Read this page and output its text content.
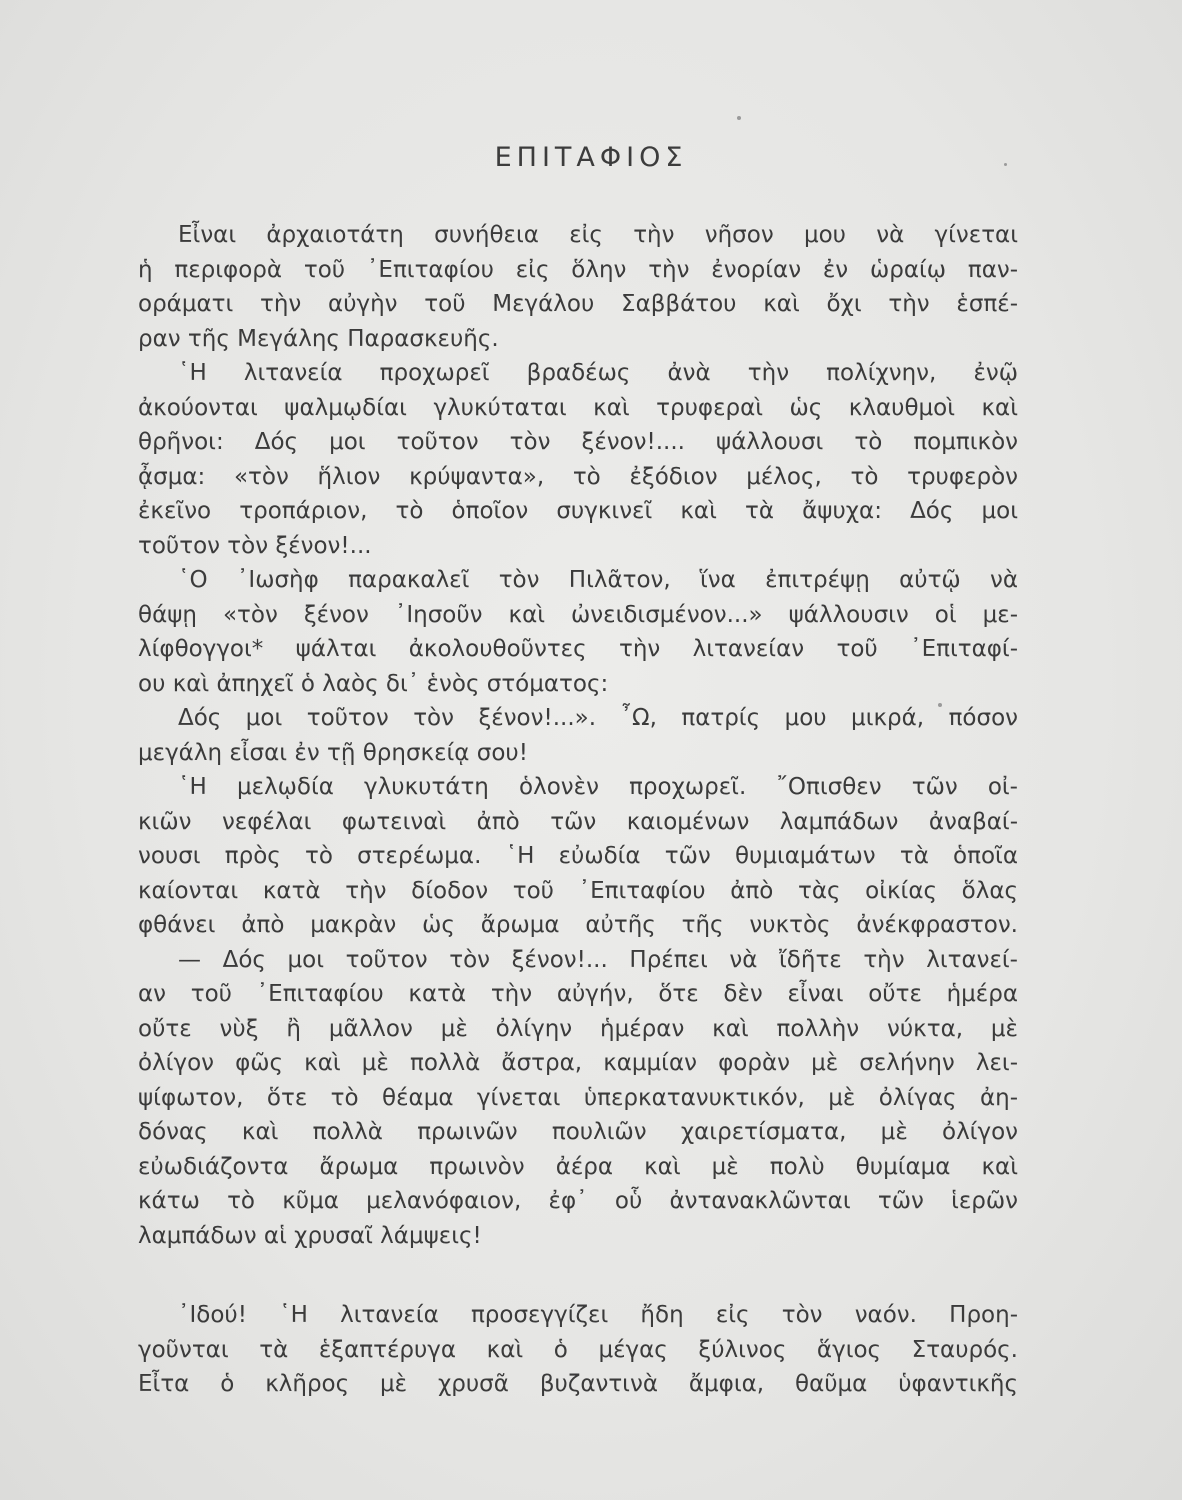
ΕΠΙΤΑΦΙΟΣ
Εἶναι ἀρχαιοτάτη συνήθεια εἰς τὴν νῆσον μου νὰ γίνεται
ἡ περιφορὰ τοῦ ᾽Επιταφίου εἰς ὅλην τὴν ἐνορίαν ἐν ὡραίῳ παν-
οράματι τὴν αὐγὴν τοῦ Μεγάλου Σαββάτου καὶ ὄχι τὴν ἑσπέ-
ραν τῆς Μεγάλης Παρασκευῆς.
῾Η λιτανεία προχωρεῖ βραδέως ἀνὰ τὴν πολίχνην, ἐνῷ
ἀκούονται ψαλμῳδίαι γλυκύταται καὶ τρυφεραὶ ὡς κλαυθμοὶ καὶ
θρῆνοι: Δός μοι τοῦτον τὸν ξένον!.... ψάλλουσι τὸ πομπικὸν
ᾆσμα: «τὸν ἥλιον κρύψαντα», τὸ ἐξόδιον μέλος, τὸ τρυφερὸν
ἐκεῖνο τροπάριον, τὸ ὁποῖον συγκινεῖ καὶ τὰ ἄψυχα: Δός μοι
τοῦτον τὸν ξένον!...
῾Ο ᾽Ιωσὴφ παρακαλεῖ τὸν Πιλᾶτον, ἵνα ἐπιτρέψῃ αὐτῷ νὰ
θάψῃ «τὸν ξένον ᾽Ιησοῦν καὶ ὠνειδισμένον...» ψάλλουσιν οἱ με-
λίφθογγοι* ψάλται ἀκολουθοῦντες τὴν λιτανείαν τοῦ ᾽Επιταφί-
ου καὶ ἀπηχεῖ ὁ λαὸς δι᾽ ἑνὸς στόματος:
Δός μοι τοῦτον τὸν ξένον!...». ῏Ω, πατρίς μου μικρά, πόσον
μεγάλη εἶσαι ἐν τῇ θρησκείᾳ σου!
῾Η μελῳδία γλυκυτάτη ὁλονὲν προχωρεῖ. ῎Οπισθεν τῶν οἰ-
κιῶν νεφέλαι φωτειναὶ ἀπὸ τῶν καιομένων λαμπάδων ἀναβαί-
νουσι πρὸς τὸ στερέωμα. ῾Η εὐωδία τῶν θυμιαμάτων τὰ ὁποῖα
καίονται κατὰ τὴν δίοδον τοῦ ᾽Επιταφίου ἀπὸ τὰς οἰκίας ὅλας
φθάνει ἀπὸ μακρὰν ὡς ἄρωμα αὐτῆς τῆς νυκτὸς ἀνέκφραστον.
— Δός μοι τοῦτον τὸν ξένον!... Πρέπει νὰ ἴδῆτε τὴν λιτανεί-
αν τοῦ ᾽Επιταφίου κατὰ τὴν αὐγήν, ὅτε δὲν εἶναι οὔτε ἡμέρα
οὔτε νὺξ ἢ μᾶλλον μὲ ὀλίγην ἡμέραν καὶ πολλὴν νύκτα, μὲ
ὀλίγον φῶς καὶ μὲ πολλὰ ἄστρα, καμμίαν φορὰν μὲ σελήνην λει-
ψίφωτον, ὅτε τὸ θέαμα γίνεται ὑπερκατανυκτικόν, μὲ ὀλίγας ἀη-
δόνας καὶ πολλὰ πρωινῶν πουλιῶν χαιρετίσματα, μὲ ὀλίγον
εὐωδιάζοντα ἄρωμα πρωινὸν ἀέρα καὶ μὲ πολὺ θυμίαμα καὶ
κάτω τὸ κῦμα μελανόφαιον, ἐφ᾽ οὗ ἀντανακλῶνται τῶν ἱερῶν
λαμπάδων αἱ χρυσαῖ λάμψεις!
᾽Ιδού! ῾Η λιτανεία προσεγγίζει ἤδη εἰς τὸν ναόν. Προη-
γοῦνται τὰ ἑξαπτέρυγα καὶ ὁ μέγας ξύλινος ἅγιος Σταυρός.
Εἶτα ὁ κλῆρος μὲ χρυσᾶ βυζαντινὰ ἄμφια, θαῦμα ὑφαντικῆς
